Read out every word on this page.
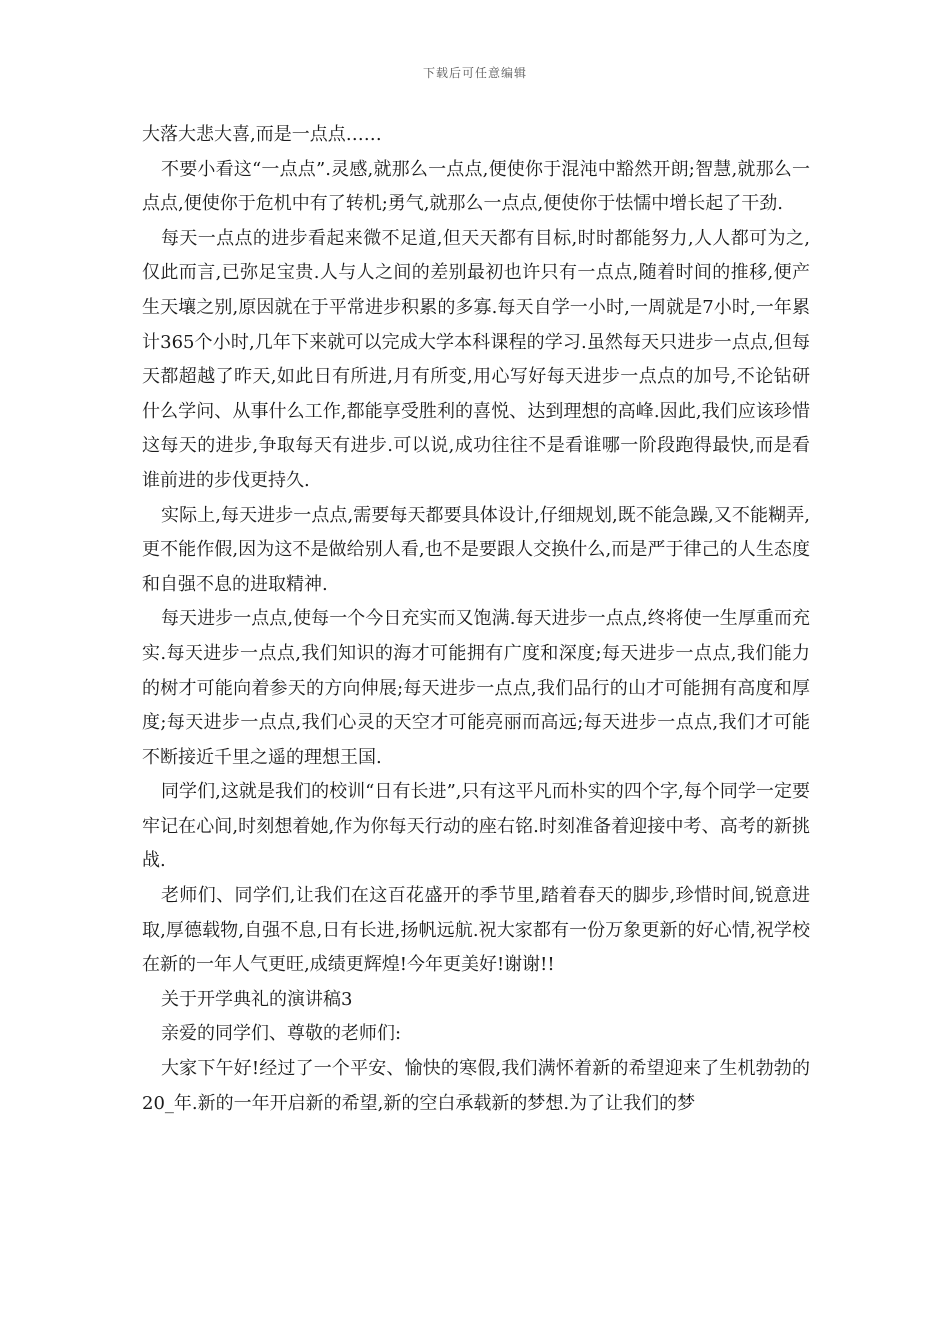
下载后可任意编辑

大落大悲大喜,而是一点点……

不要小看这“一点点”.灵感,就那么一点点,便使你于混沌中豁然开朗;智慧,就那么一点点,便使你于危机中有了转机;勇气,就那么一点点,便使你于怯懦中增长起了干劲.

每天一点点的进步看起来微不足道,但天天都有目标,时时都能努力,人人都可为之,仅此而言,已弥足宝贵.人与人之间的差别最初也许只有一点点,随着时间的推移,便产生天壤之别,原因就在于平常进步积累的多寡.每天自学一小时,一周就是7小时,一年累计365个小时,几年下来就可以完成大学本科课程的学习.虽然每天只进步一点点,但每天都超越了昨天,如此日有所进,月有所变,用心写好每天进步一点点的加号,不论钻研什么学问、从事什么工作,都能享受胜利的喜悦、达到理想的高峰.因此,我们应该珍惜这每天的进步,争取每天有进步.可以说,成功往往不是看谁哪一阶段跑得最快,而是看谁前进的步伐更持久.

实际上,每天进步一点点,需要每天都要具体设计,仔细规划,既不能急躁,又不能糊弄,更不能作假,因为这不是做给别人看,也不是要跟人交换什么,而是严于律己的人生态度和自强不息的进取精神.

每天进步一点点,使每一个今日充实而又饱满.每天进步一点点,终将使一生厚重而充实.每天进步一点点,我们知识的海才可能拥有广度和深度;每天进步一点点,我们能力的树才可能向着参天的方向伸展;每天进步一点点,我们品行的山才可能拥有高度和厚度;每天进步一点点,我们心灵的天空才可能亮丽而高远;每天进步一点点,我们才可能不断接近千里之遥的理想王国.

同学们,这就是我们的校训“日有长进”,只有这平凡而朴实的四个字,每个同学一定要牢记在心间,时刻想着她,作为你每天行动的座右铭.时刻准备着迎接中考、高考的新挑战.

老师们、同学们,让我们在这百花盛开的季节里,踏着春天的脚步,珍惜时间,锐意进取,厚德载物,自强不息,日有长进,扬帆远航.祝大家都有一份万象更新的好心情,祝学校在新的一年人气更旺,成绩更辉煌!今年更美好!谢谢!!

关于开学典礼的演讲稿3

亲爱的同学们、尊敬的老师们:

大家下午好!经过了一个平安、愉快的寒假,我们满怀着新的希望迎来了生机勃勃的20_年.新的一年开启新的希望,新的空白承载新的梦想.为了让我们的梦
